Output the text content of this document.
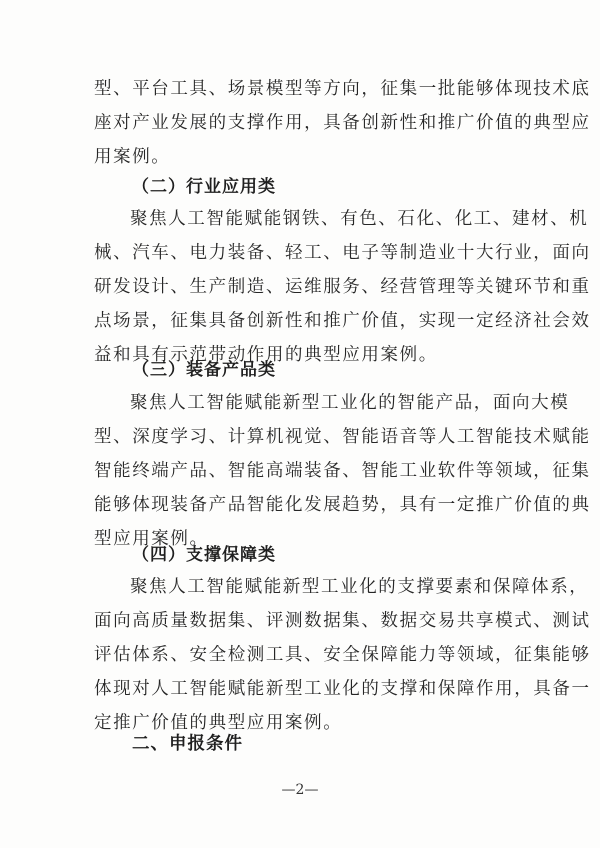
型、平台工具、场景模型等方向，征集一批能够体现技术底

座对产业发展的支撑作用，具备创新性和推广价值的典型应

用案例。

（二）行业应用类

聚焦人工智能赋能钢铁、有色、石化、化工、建材、机

械、汽车、电力装备、轻工、电子等制造业十大行业，面向

研发设计、生产制造、运维服务、经营管理等关键环节和重

点场景，征集具备创新性和推广价值，实现一定经济社会效

益和具有示范带动作用的典型应用案例。

（三）装备产品类

聚焦人工智能赋能新型工业化的智能产品，面向大模

型、深度学习、计算机视觉、智能语音等人工智能技术赋能

智能终端产品、智能高端装备、智能工业软件等领域，征集

能够体现装备产品智能化发展趋势，具有一定推广价值的典

型应用案例。

（四）支撑保障类

聚焦人工智能赋能新型工业化的支撑要素和保障体系，

面向高质量数据集、评测数据集、数据交易共享模式、测试

评估体系、安全检测工具、安全保障能力等领域，征集能够

体现对人工智能赋能新型工业化的支撑和保障作用，具备一

定推广价值的典型应用案例。

二、申报条件
—2—
